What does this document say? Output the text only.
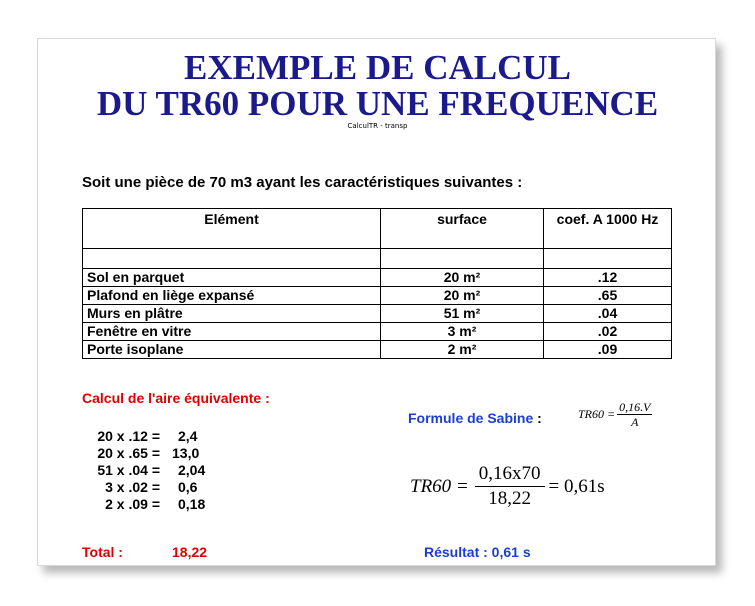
EXEMPLE DE CALCUL
DU TR60 POUR UNE FREQUENCE
CalculTR - transp
Soit une pièce de 70 m3 ayant les caractéristiques suivantes :
Elément	surface	coef. A 1000 Hz

Sol en parquet	20 m²	.12
Plafond en liège expansé	20 m²	.65
Murs en plâtre	51 m²	.04
Fenêtre en vitre	3 m²	.02
Porte isoplane	2 m²	.09
Calcul de l'aire équivalente :
20 x .12 = 2,4
20 x .65 = 13,0
51 x .04 = 2,04
3 x .02 = 0,6
2 x .09 = 0,18
Total :	18,22
Formule de Sabine :	$TR60 = \frac{0,16.V}{A}$
$TR60 = \frac{0,16x70}{18,22} = 0,61s$
Résultat : 0,61 s
